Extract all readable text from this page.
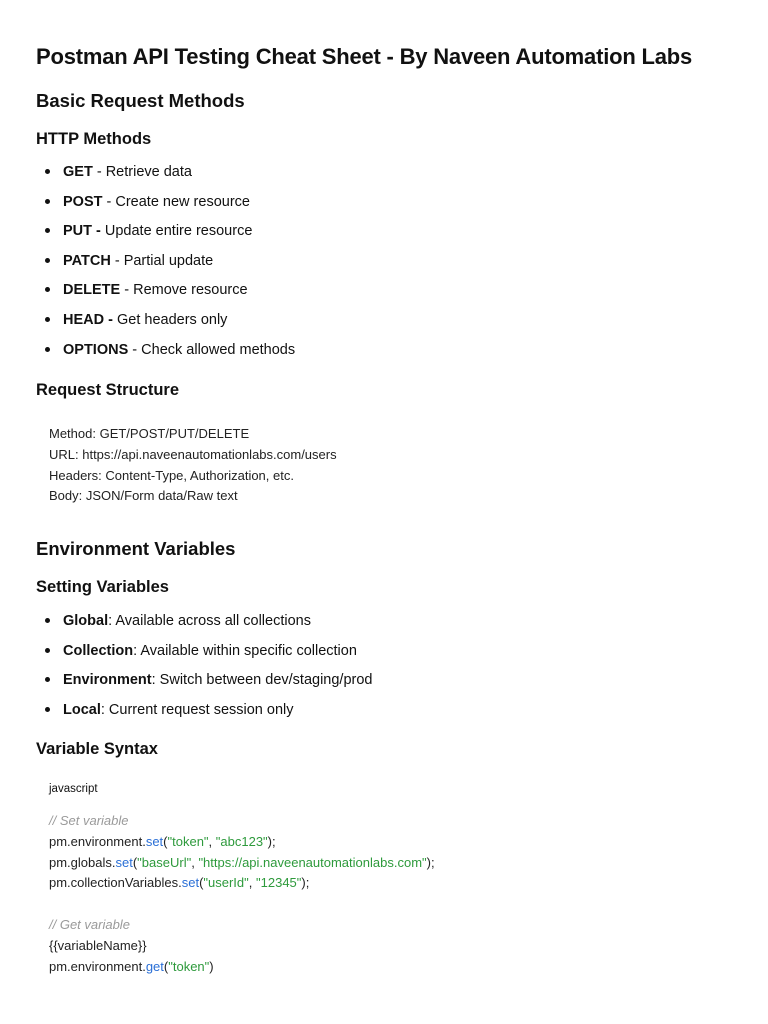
Postman API Testing Cheat Sheet - By Naveen Automation Labs
Basic Request Methods
HTTP Methods
GET - Retrieve data
POST - Create new resource
PUT - Update entire resource
PATCH - Partial update
DELETE - Remove resource
HEAD - Get headers only
OPTIONS - Check allowed methods
Request Structure
Method: GET/POST/PUT/DELETE
URL: https://api.naveenautomationlabs.com/users
Headers: Content-Type, Authorization, etc.
Body: JSON/Form data/Raw text
Environment Variables
Setting Variables
Global: Available across all collections
Collection: Available within specific collection
Environment: Switch between dev/staging/prod
Local: Current request session only
Variable Syntax
javascript
// Set variable
pm.environment.set("token", "abc123");
pm.globals.set("baseUrl", "https://api.naveenautomationlabs.com");
pm.collectionVariables.set("userId", "12345");
// Get variable
{{variableName}}
pm.environment.get("token")
